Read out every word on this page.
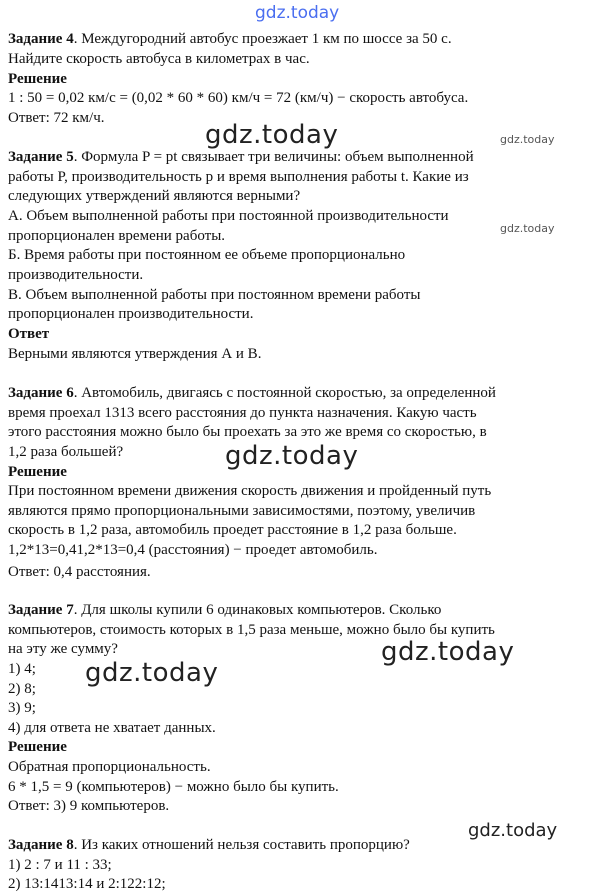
gdz.today
Задание 4. Междугородний автобус проезжает 1 км по шоссе за 50 с.
Найдите скорость автобуса в километрах в час.
Решение
1 : 50 = 0,02 км/с = (0,02 * 60 * 60) км/ч = 72 (км/ч) − скорость автобуса.
Ответ: 72 км/ч.
Задание 5. Формула P = pt связывает три величины: объем выполненной
работы P, производительность p и время выполнения работы t. Какие из
следующих утверждений являются верными?
А. Объем выполненной работы при постоянной производительности
пропорционален времени работы.
Б. Время работы при постоянном ее объеме пропорционально
производительности.
В. Объем выполненной работы при постоянном времени работы
пропорционален производительности.
Ответ
Верными являются утверждения А и В.
Задание 6. Автомобиль, двигаясь с постоянной скоростью, за определенной
время проехал 1313 всего расстояния до пункта назначения. Какую часть
этого расстояния можно было бы проехать за это же время со скоростью, в
1,2 раза большей?
Решение
При постоянном времени движения скорость движения и пройденный путь
являются прямо пропорциональными зависимостями, поэтому, увеличив
скорость в 1,2 раза, автомобиль проедет расстояние в 1,2 раза больше.
1,2*13=0,41,2*13=0,4 (расстояния) − проедет автомобиль.
Ответ: 0,4 расстояния.
Задание 7. Для школы купили 6 одинаковых компьютеров. Сколько
компьютеров, стоимость которых в 1,5 раза меньше, можно было бы купить
на эту же сумму?
1) 4;
2) 8;
3) 9;
4) для ответа не хватает данных.
Решение
Обратная пропорциональность.
6 * 1,5 = 9 (компьютеров) − можно было бы купить.
Ответ: 3) 9 компьютеров.
Задание 8. Из каких отношений нельзя составить пропорцию?
1) 2 : 7 и 11 : 33;
2) 13:1413:14 и 2:122:12;
gdz.today	gdz.today
gdz.today
gdz.today
gdz.today
gdz.today
gdz.today
